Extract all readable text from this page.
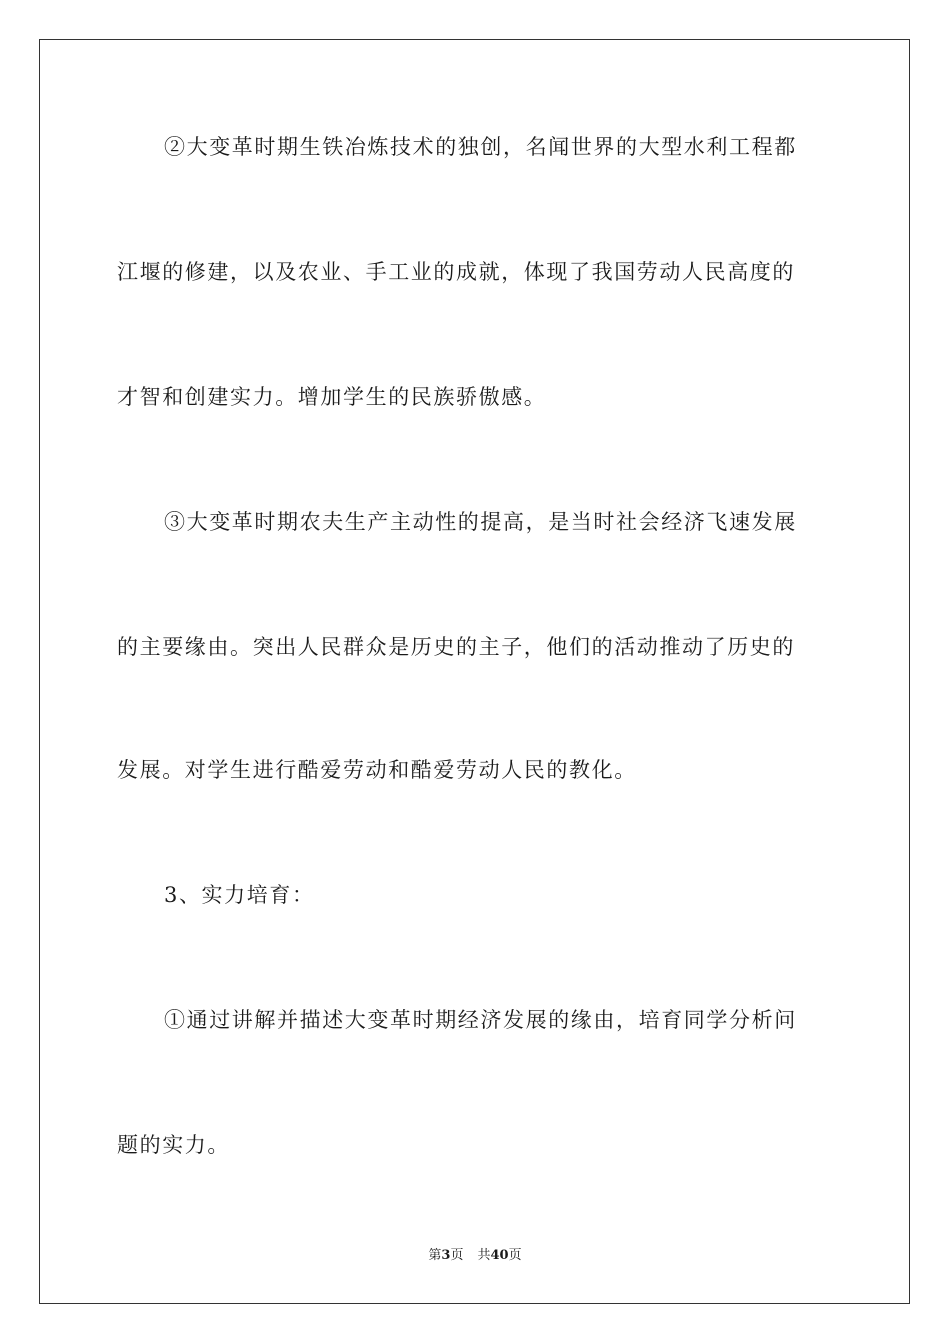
②大变革时期生铁冶炼技术的独创，名闻世界的大型水利工程都
江堰的修建，以及农业、手工业的成就，体现了我国劳动人民高度的
才智和创建实力。增加学生的民族骄傲感。
③大变革时期农夫生产主动性的提高，是当时社会经济飞速发展
的主要缘由。突出人民群众是历史的主子，他们的活动推动了历史的
发展。对学生进行酷爱劳动和酷爱劳动人民的教化。
3、实力培育：
①通过讲解并描述大变革时期经济发展的缘由，培育同学分析问
题的实力。
第3页 共40页
